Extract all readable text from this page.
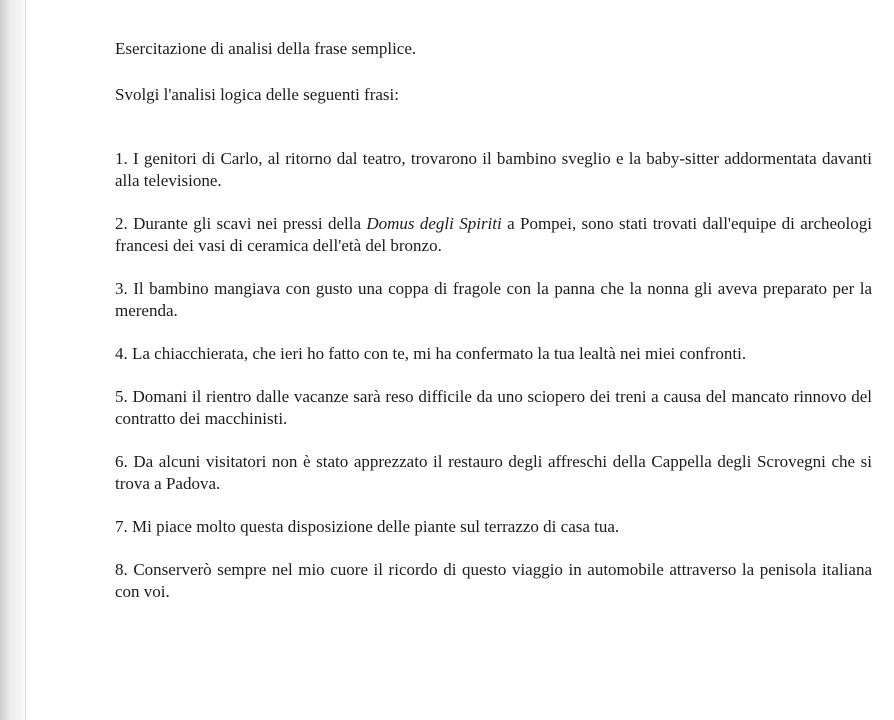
Esercitazione di analisi della frase semplice.

Svolgi l'analisi logica delle seguenti frasi:

1. I genitori di Carlo, al ritorno dal teatro, trovarono il bambino sveglio e la baby-sitter addormentata davanti alla televisione.
2. Durante gli scavi nei pressi della Domus degli Spiriti a Pompei, sono stati trovati dall'equipe di archeologi francesi dei vasi di ceramica dell'età del bronzo.
3. Il bambino mangiava con gusto una coppa di fragole con la panna che la nonna gli aveva preparato per la merenda.
4. La chiacchierata, che ieri ho fatto con te, mi ha confermato la tua lealtà nei miei confronti.
5. Domani il rientro dalle vacanze sarà reso difficile da uno sciopero dei treni a causa del mancato rinnovo del contratto dei macchinisti.
6. Da alcuni visitatori non è stato apprezzato il restauro degli affreschi della Cappella degli Scrovegni che si trova a Padova.
7. Mi piace molto questa disposizione delle piante sul terrazzo di casa tua.
8. Conserverò sempre nel mio cuore il ricordo di questo viaggio in automobile attraverso la penisola italiana con voi.
